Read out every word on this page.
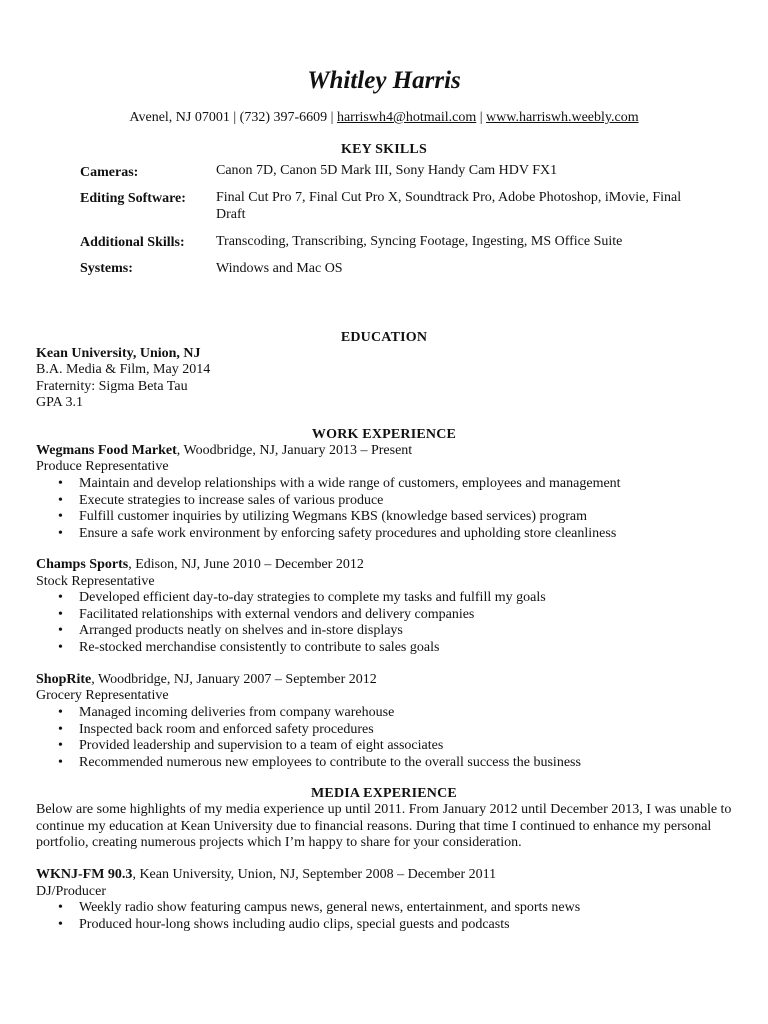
Whitley Harris
Avenel, NJ 07001 | (732) 397-6609 | harriswh4@hotmail.com | www.harriswh.weebly.com
KEY SKILLS
Cameras:	Canon 7D, Canon 5D Mark III, Sony Handy Cam HDV FX1
Editing Software: Final Cut Pro 7, Final Cut Pro X, Soundtrack Pro, Adobe Photoshop, iMovie, Final Draft
Additional Skills: Transcoding, Transcribing, Syncing Footage, Ingesting, MS Office Suite
Systems:	Windows and Mac OS
EDUCATION
Kean University, Union, NJ
B.A. Media & Film, May 2014
Fraternity: Sigma Beta Tau
GPA 3.1
WORK EXPERIENCE
Wegmans Food Market, Woodbridge, NJ, January 2013 – Present
Produce Representative
• Maintain and develop relationships with a wide range of customers, employees and management
• Execute strategies to increase sales of various produce
• Fulfill customer inquiries by utilizing Wegmans KBS (knowledge based services) program
• Ensure a safe work environment by enforcing safety procedures and upholding store cleanliness
Champs Sports, Edison, NJ, June 2010 – December 2012
Stock Representative
• Developed efficient day-to-day strategies to complete my tasks and fulfill my goals
• Facilitated relationships with external vendors and delivery companies
• Arranged products neatly on shelves and in-store displays
• Re-stocked merchandise consistently to contribute to sales goals
ShopRite, Woodbridge, NJ, January 2007 – September 2012
Grocery Representative
• Managed incoming deliveries from company warehouse
• Inspected back room and enforced safety procedures
• Provided leadership and supervision to a team of eight associates
• Recommended numerous new employees to contribute to the overall success the business
MEDIA EXPERIENCE
Below are some highlights of my media experience up until 2011. From January 2012 until December 2013, I was unable to continue my education at Kean University due to financial reasons. During that time I continued to enhance my personal portfolio, creating numerous projects which I’m happy to share for your consideration.
WKNJ-FM 90.3, Kean University, Union, NJ, September 2008 – December 2011
DJ/Producer
• Weekly radio show featuring campus news, general news, entertainment, and sports news
• Produced hour-long shows including audio clips, special guests and podcasts
